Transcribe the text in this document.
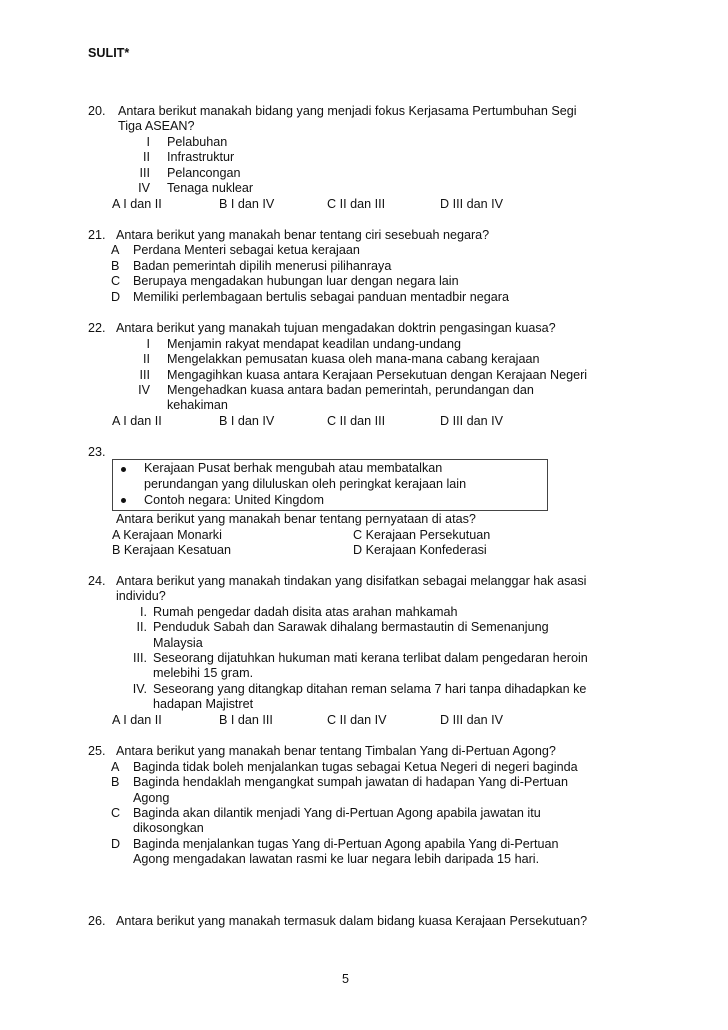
SULIT*
20. Antara berikut manakah bidang yang menjadi fokus Kerjasama Pertumbuhan Segi
Tiga ASEAN?
I Pelabuhan
II Infrastruktur
III Pelancongan
IV Tenaga nuklear
A I dan II	B I dan IV	C II dan III	D III dan IV
21. Antara berikut yang manakah benar tentang ciri sesebuah negara?
A Perdana Menteri sebagai ketua kerajaan
B Badan pemerintah dipilih menerusi pilihanraya
C Berupaya mengadakan hubungan luar dengan negara lain
D Memiliki perlembagaan bertulis sebagai panduan mentadbir negara
22. Antara berikut yang manakah tujuan mengadakan doktrin pengasingan kuasa?
I Menjamin rakyat mendapat keadilan undang-undang
II Mengelakkan pemusatan kuasa oleh mana-mana cabang kerajaan
III Mengagihkan kuasa antara Kerajaan Persekutuan dengan Kerajaan Negeri
IV Mengehadkan kuasa antara badan pemerintah, perundangan dan
kehakiman
A I dan II	B I dan IV	C II dan III	D III dan IV
23.
Kerajaan Pusat berhak mengubah atau membatalkan
perundangan yang diluluskan oleh peringkat kerajaan lain
Contoh negara: United Kingdom
Antara berikut yang manakah benar tentang pernyataan di atas?
A Kerajaan Monarki	C Kerajaan Persekutuan
B Kerajaan Kesatuan	D Kerajaan Konfederasi
24. Antara berikut yang manakah tindakan yang disifatkan sebagai melanggar hak asasi
individu?
I. Rumah pengedar dadah disita atas arahan mahkamah
II. Penduduk Sabah dan Sarawak dihalang bermastautin di Semenanjung
Malaysia
III. Seseorang dijatuhkan hukuman mati kerana terlibat dalam pengedaran heroin
melebihi 15 gram.
IV. Seseorang yang ditangkap ditahan reman selama 7 hari tanpa dihadapkan ke
hadapan Majistret
A I dan II	B I dan III	C II dan IV	D III dan IV
25. Antara berikut yang manakah benar tentang Timbalan Yang di-Pertuan Agong?
A Baginda tidak boleh menjalankan tugas sebagai Ketua Negeri di negeri baginda
B Baginda hendaklah mengangkat sumpah jawatan di hadapan Yang di-Pertuan
Agong
C Baginda akan dilantik menjadi Yang di-Pertuan Agong apabila jawatan itu
dikosongkan
D Baginda menjalankan tugas Yang di-Pertuan Agong apabila Yang di-Pertuan
Agong mengadakan lawatan rasmi ke luar negara lebih daripada 15 hari.
26. Antara berikut yang manakah termasuk dalam bidang kuasa Kerajaan Persekutuan?
5
